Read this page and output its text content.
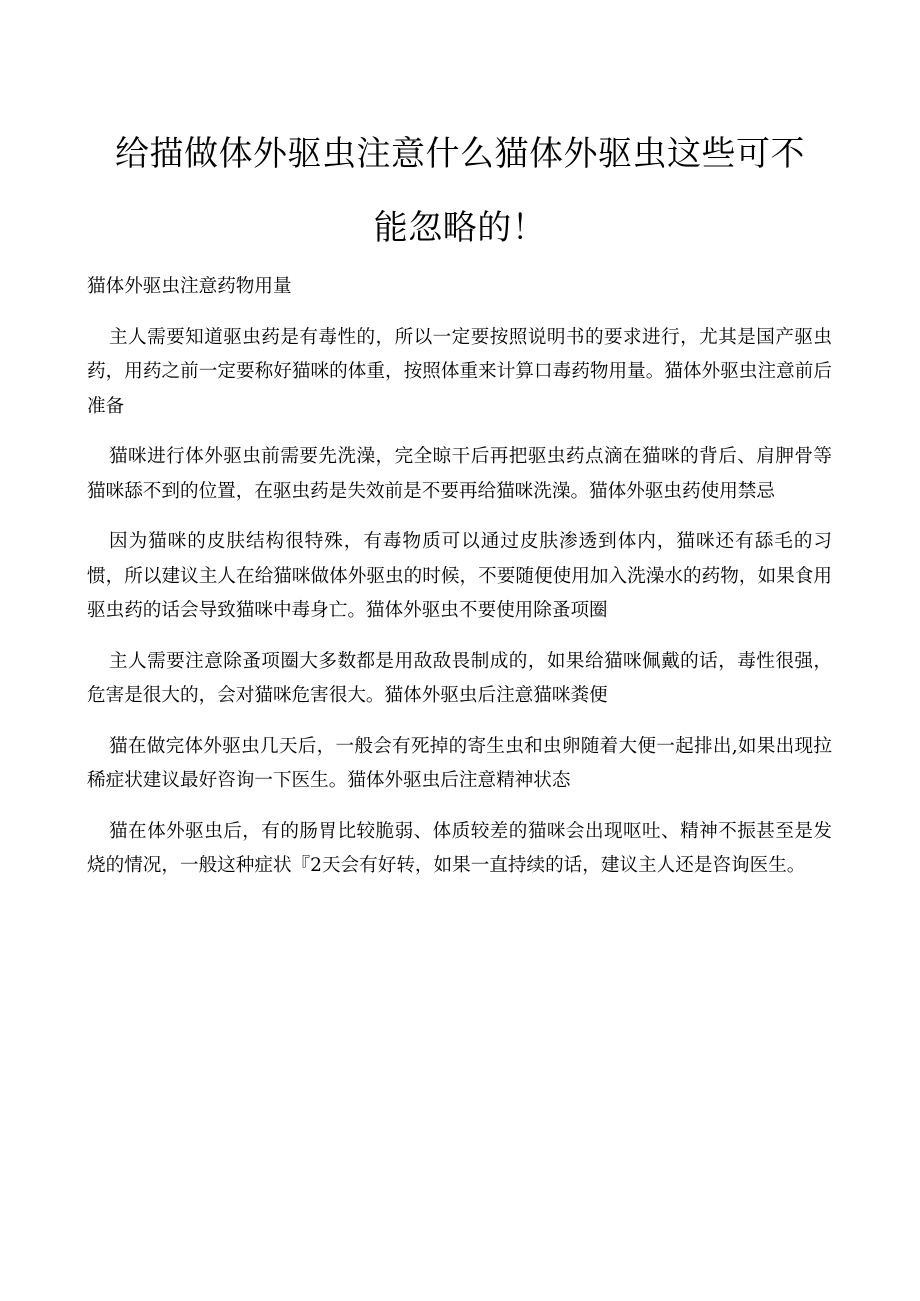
给描做体外驱虫注意什么猫体外驱虫这些可不
能忽略的！

猫体外驱虫注意药物用量

主人需要知道驱虫药是有毒性的，所以一定要按照说明书的要求进行，尤其是国产驱虫药，用药之前一定要称好猫咪的体重，按照体重来计算口毒药物用量。猫体外驱虫注意前后准备

猫咪进行体外驱虫前需要先洗澡，完全晾干后再把驱虫药点滴在猫咪的背后、肩胛骨等猫咪舔不到的位置，在驱虫药是失效前是不要再给猫咪洗澡。猫体外驱虫药使用禁忌

因为猫咪的皮肤结构很特殊，有毒物质可以通过皮肤渗透到体内，猫咪还有舔毛的习惯，所以建议主人在给猫咪做体外驱虫的时候，不要随便使用加入洗澡水的药物，如果食用驱虫药的话会导致猫咪中毒身亡。猫体外驱虫不要使用除蚤项圈

主人需要注意除蚤项圈大多数都是用敌敌畏制成的，如果给猫咪佩戴的话，毒性很强，危害是很大的，会对猫咪危害很大。猫体外驱虫后注意猫咪粪便

猫在做完体外驱虫几天后，一般会有死掉的寄生虫和虫卵随着大便一起排出,如果出现拉稀症状建议最好咨询一下医生。猫体外驱虫后注意精神状态

猫在体外驱虫后，有的肠胃比较脆弱、体质较差的猫咪会出现呕吐、精神不振甚至是发烧的情况，一般这种症状『2天会有好转，如果一直持续的话，建议主人还是咨询医生。
